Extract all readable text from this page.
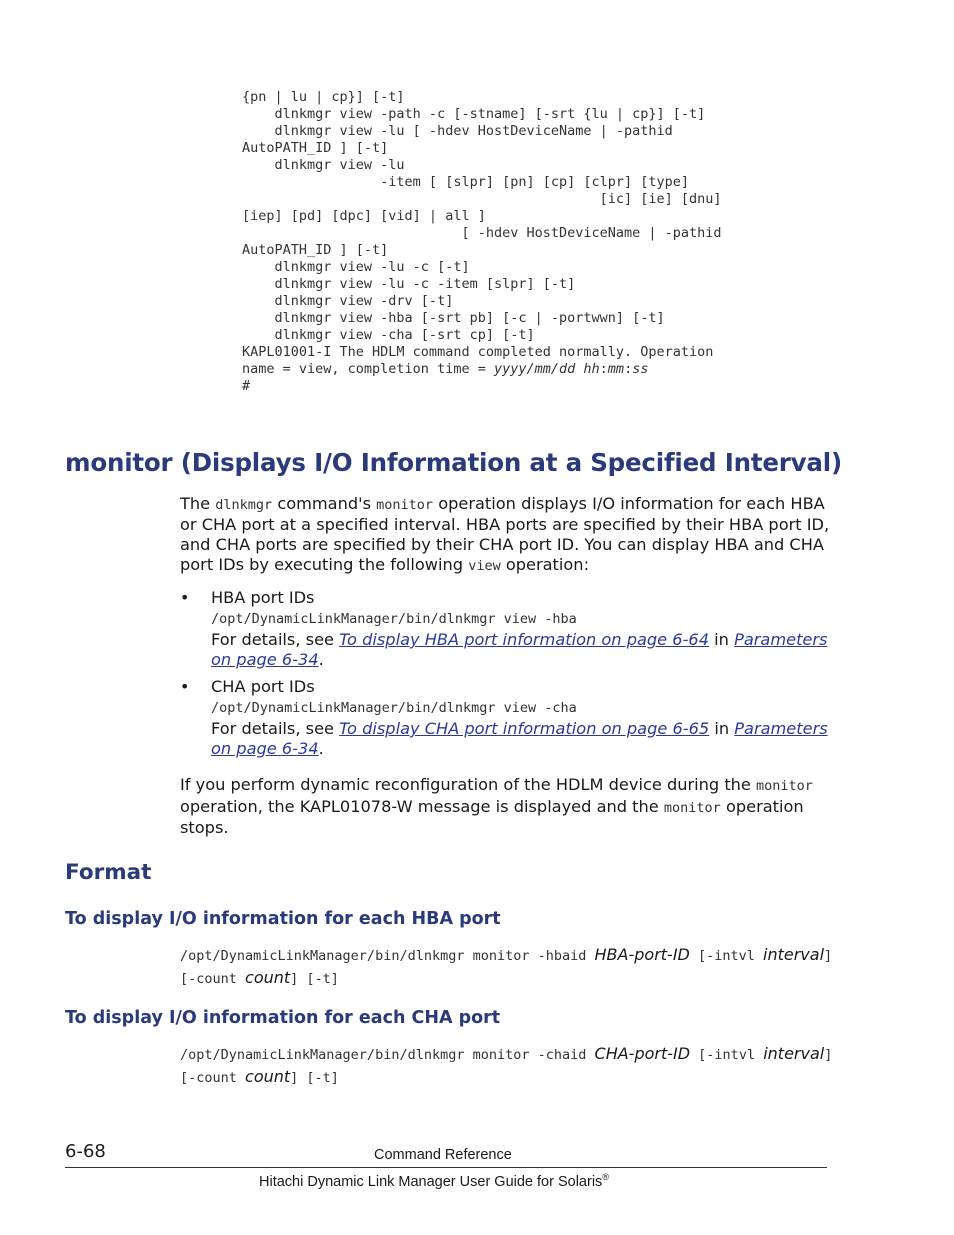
{pn | lu | cp}] [-t]
dlnkmgr view -path -c [-stname] [-srt {lu | cp}] [-t]
dlnkmgr view -lu [ -hdev HostDeviceName | -pathid
AutoPATH_ID ] [-t]
dlnkmgr view -lu
-item [ [slpr] [pn] [cp] [clpr] [type]
[ic] [ie] [dnu]
[iep] [pd] [dpc] [vid] | all ]
[ -hdev HostDeviceName | -pathid
AutoPATH_ID ] [-t]
dlnkmgr view -lu -c [-t]
dlnkmgr view -lu -c -item [slpr] [-t]
dlnkmgr view -drv [-t]
dlnkmgr view -hba [-srt pb] [-c | -portwwn] [-t]
dlnkmgr view -cha [-srt cp] [-t]
KAPL01001-I The HDLM command completed normally. Operation
name = view, completion time = yyyy/mm/dd hh:mm:ss
#
monitor (Displays I/O Information at a Specified Interval)

The dlnkmgr command's monitor operation displays I/O information for each HBA or CHA port at a specified interval. HBA ports are specified by their HBA port ID, and CHA ports are specified by their CHA port ID. You can display HBA and CHA port IDs by executing the following view operation:

• HBA port IDs
/opt/DynamicLinkManager/bin/dlnkmgr view -hba
For details, see To display HBA port information on page 6-64 in Parameters on page 6-34.
• CHA port IDs
/opt/DynamicLinkManager/bin/dlnkmgr view -cha
For details, see To display CHA port information on page 6-65 in Parameters on page 6-34.

If you perform dynamic reconfiguration of the HDLM device during the monitor operation, the KAPL01078-W message is displayed and the monitor operation stops.

Format
To display I/O information for each HBA port

/opt/DynamicLinkManager/bin/dlnkmgr monitor -hbaid HBA-port-ID [-intvl interval] [-count count] [-t]

To display I/O information for each CHA port

/opt/DynamicLinkManager/bin/dlnkmgr monitor -chaid CHA-port-ID [-intvl interval] [-count count] [-t]

6-68	Command Reference
Hitachi Dynamic Link Manager User Guide for Solaris®
